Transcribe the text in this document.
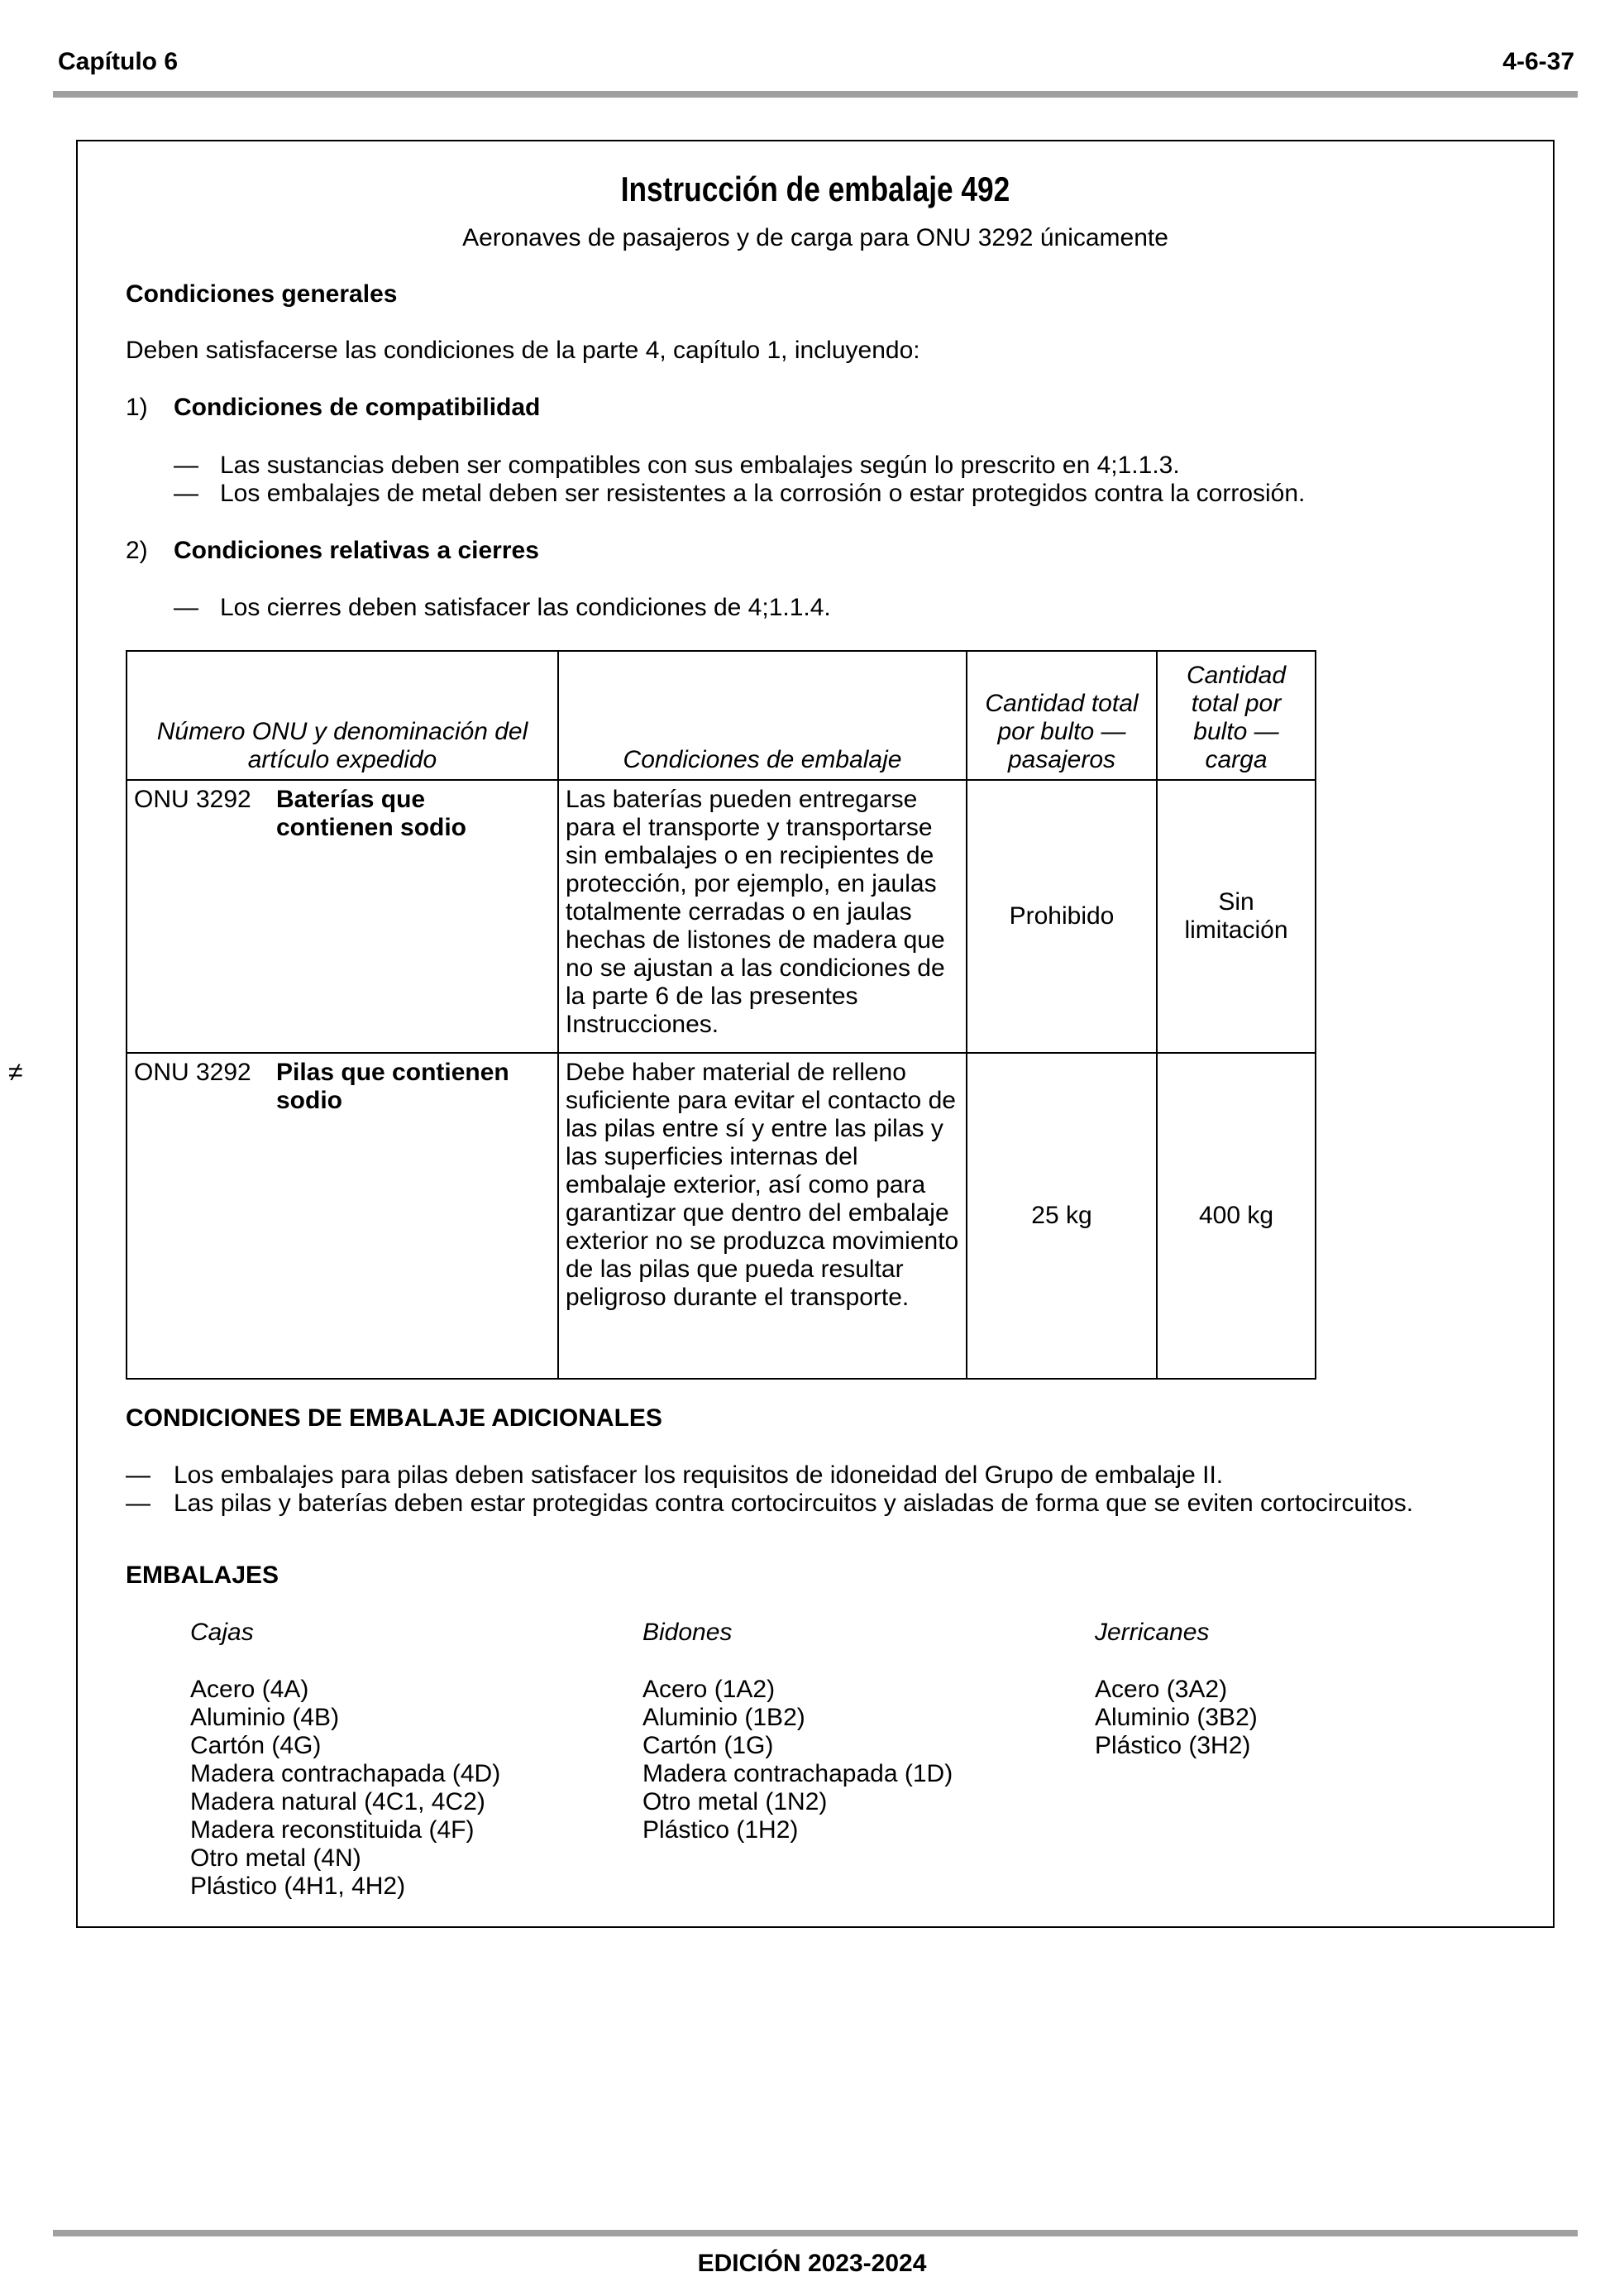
Capítulo 6	4-6-37
≠
Instrucción de embalaje 492
Aeronaves de pasajeros y de carga para ONU 3292 únicamente
Condiciones generales
Deben satisfacerse las condiciones de la parte 4, capítulo 1, incluyendo:
1) Condiciones de compatibilidad
— Las sustancias deben ser compatibles con sus embalajes según lo prescrito en 4;1.1.3.
— Los embalajes de metal deben ser resistentes a la corrosión o estar protegidos contra la corrosión.
2) Condiciones relativas a cierres
— Los cierres deben satisfacer las condiciones de 4;1.1.4.
Número ONU y denominación del artículo expedido	Condiciones de embalaje	Cantidad total por bulto — pasajeros	Cantidad total por bulto — carga
ONU 3292 Baterías que contienen sodio	Las baterías pueden entregarse para el transporte y transportarse sin embalajes o en recipientes de protección, por ejemplo, en jaulas totalmente cerradas o en jaulas hechas de listones de madera que no se ajustan a las condiciones de la parte 6 de las presentes Instrucciones.	Prohibido	Sin limitación
ONU 3292 Pilas que contienen sodio	Debe haber material de relleno suficiente para evitar el contacto de las pilas entre sí y entre las pilas y las superficies internas del embalaje exterior, así como para garantizar que dentro del embalaje exterior no se produzca movimiento de las pilas que pueda resultar peligroso durante el transporte.	25 kg	400 kg
CONDICIONES DE EMBALAJE ADICIONALES
— Los embalajes para pilas deben satisfacer los requisitos de idoneidad del Grupo de embalaje II.
— Las pilas y baterías deben estar protegidas contra cortocircuitos y aisladas de forma que se eviten cortocircuitos.
EMBALAJES
Cajas
Acero (4A)
Aluminio (4B)
Cartón (4G)
Madera contrachapada (4D)
Madera natural (4C1, 4C2)
Madera reconstituida (4F)
Otro metal (4N)
Plástico (4H1, 4H2)
Bidones
Acero (1A2)
Aluminio (1B2)
Cartón (1G)
Madera contrachapada (1D)
Otro metal (1N2)
Plástico (1H2)
Jerricanes
Acero (3A2)
Aluminio (3B2)
Plástico (3H2)
EDICIÓN 2023-2024
